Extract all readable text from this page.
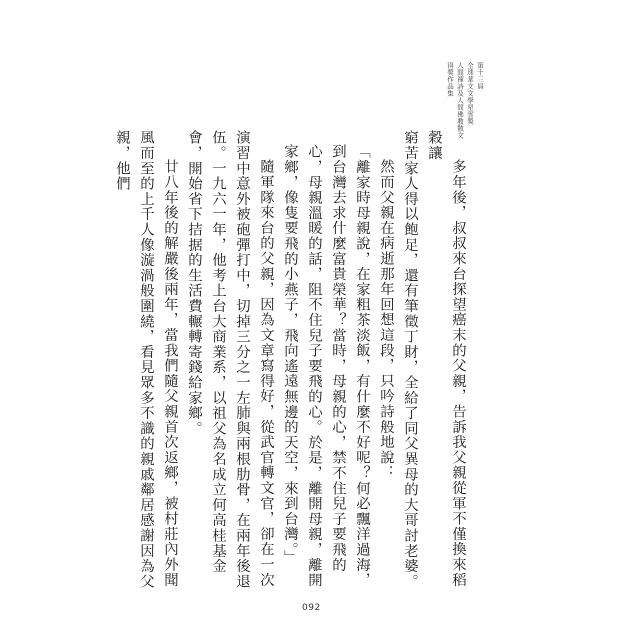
第十三屆
全球華文文學星雲獎
人間禪詩及人間佛教散文
得獎作品集

多年後，叔叔來台探望癌末的父親，告訴我父親從軍不僅換來稻穀讓

窮苦家人得以飽足，還有筆徵丁財，全給了同父異母的大哥討老婆。

然而父親在病逝那年回想這段，只吟詩般地說：

「離家時母親說，在家粗茶淡飯，有什麼不好呢？何必飄洋過海，到台灣去求什麼富貴榮華？當時，母親的心，禁不住兒子要飛的心，母親溫暖的話，阻不住兒子要飛的心。於是，離開母親，離開家鄉，像隻要飛的小燕子，飛向遙遠無邊的天空，來到台灣。」

隨軍隊來台的父親，因為文章寫得好，從武官轉文官，卻在一次演習中意外被砲彈打中，切掉三分之一左肺與兩根肋骨，在兩年後退伍。一九六一年，他考上台大商業系，以祖父為名成立何高桂基金會，開始省下拮据的生活費輾轉寄錢給家鄉。

廿八年後的解嚴後兩年，當我們隨父親首次返鄉，被村莊內外聞風而至的上千人像漩渦般圍繞，看見眾多不識的親戚鄰居感謝因為父親，他們

092
